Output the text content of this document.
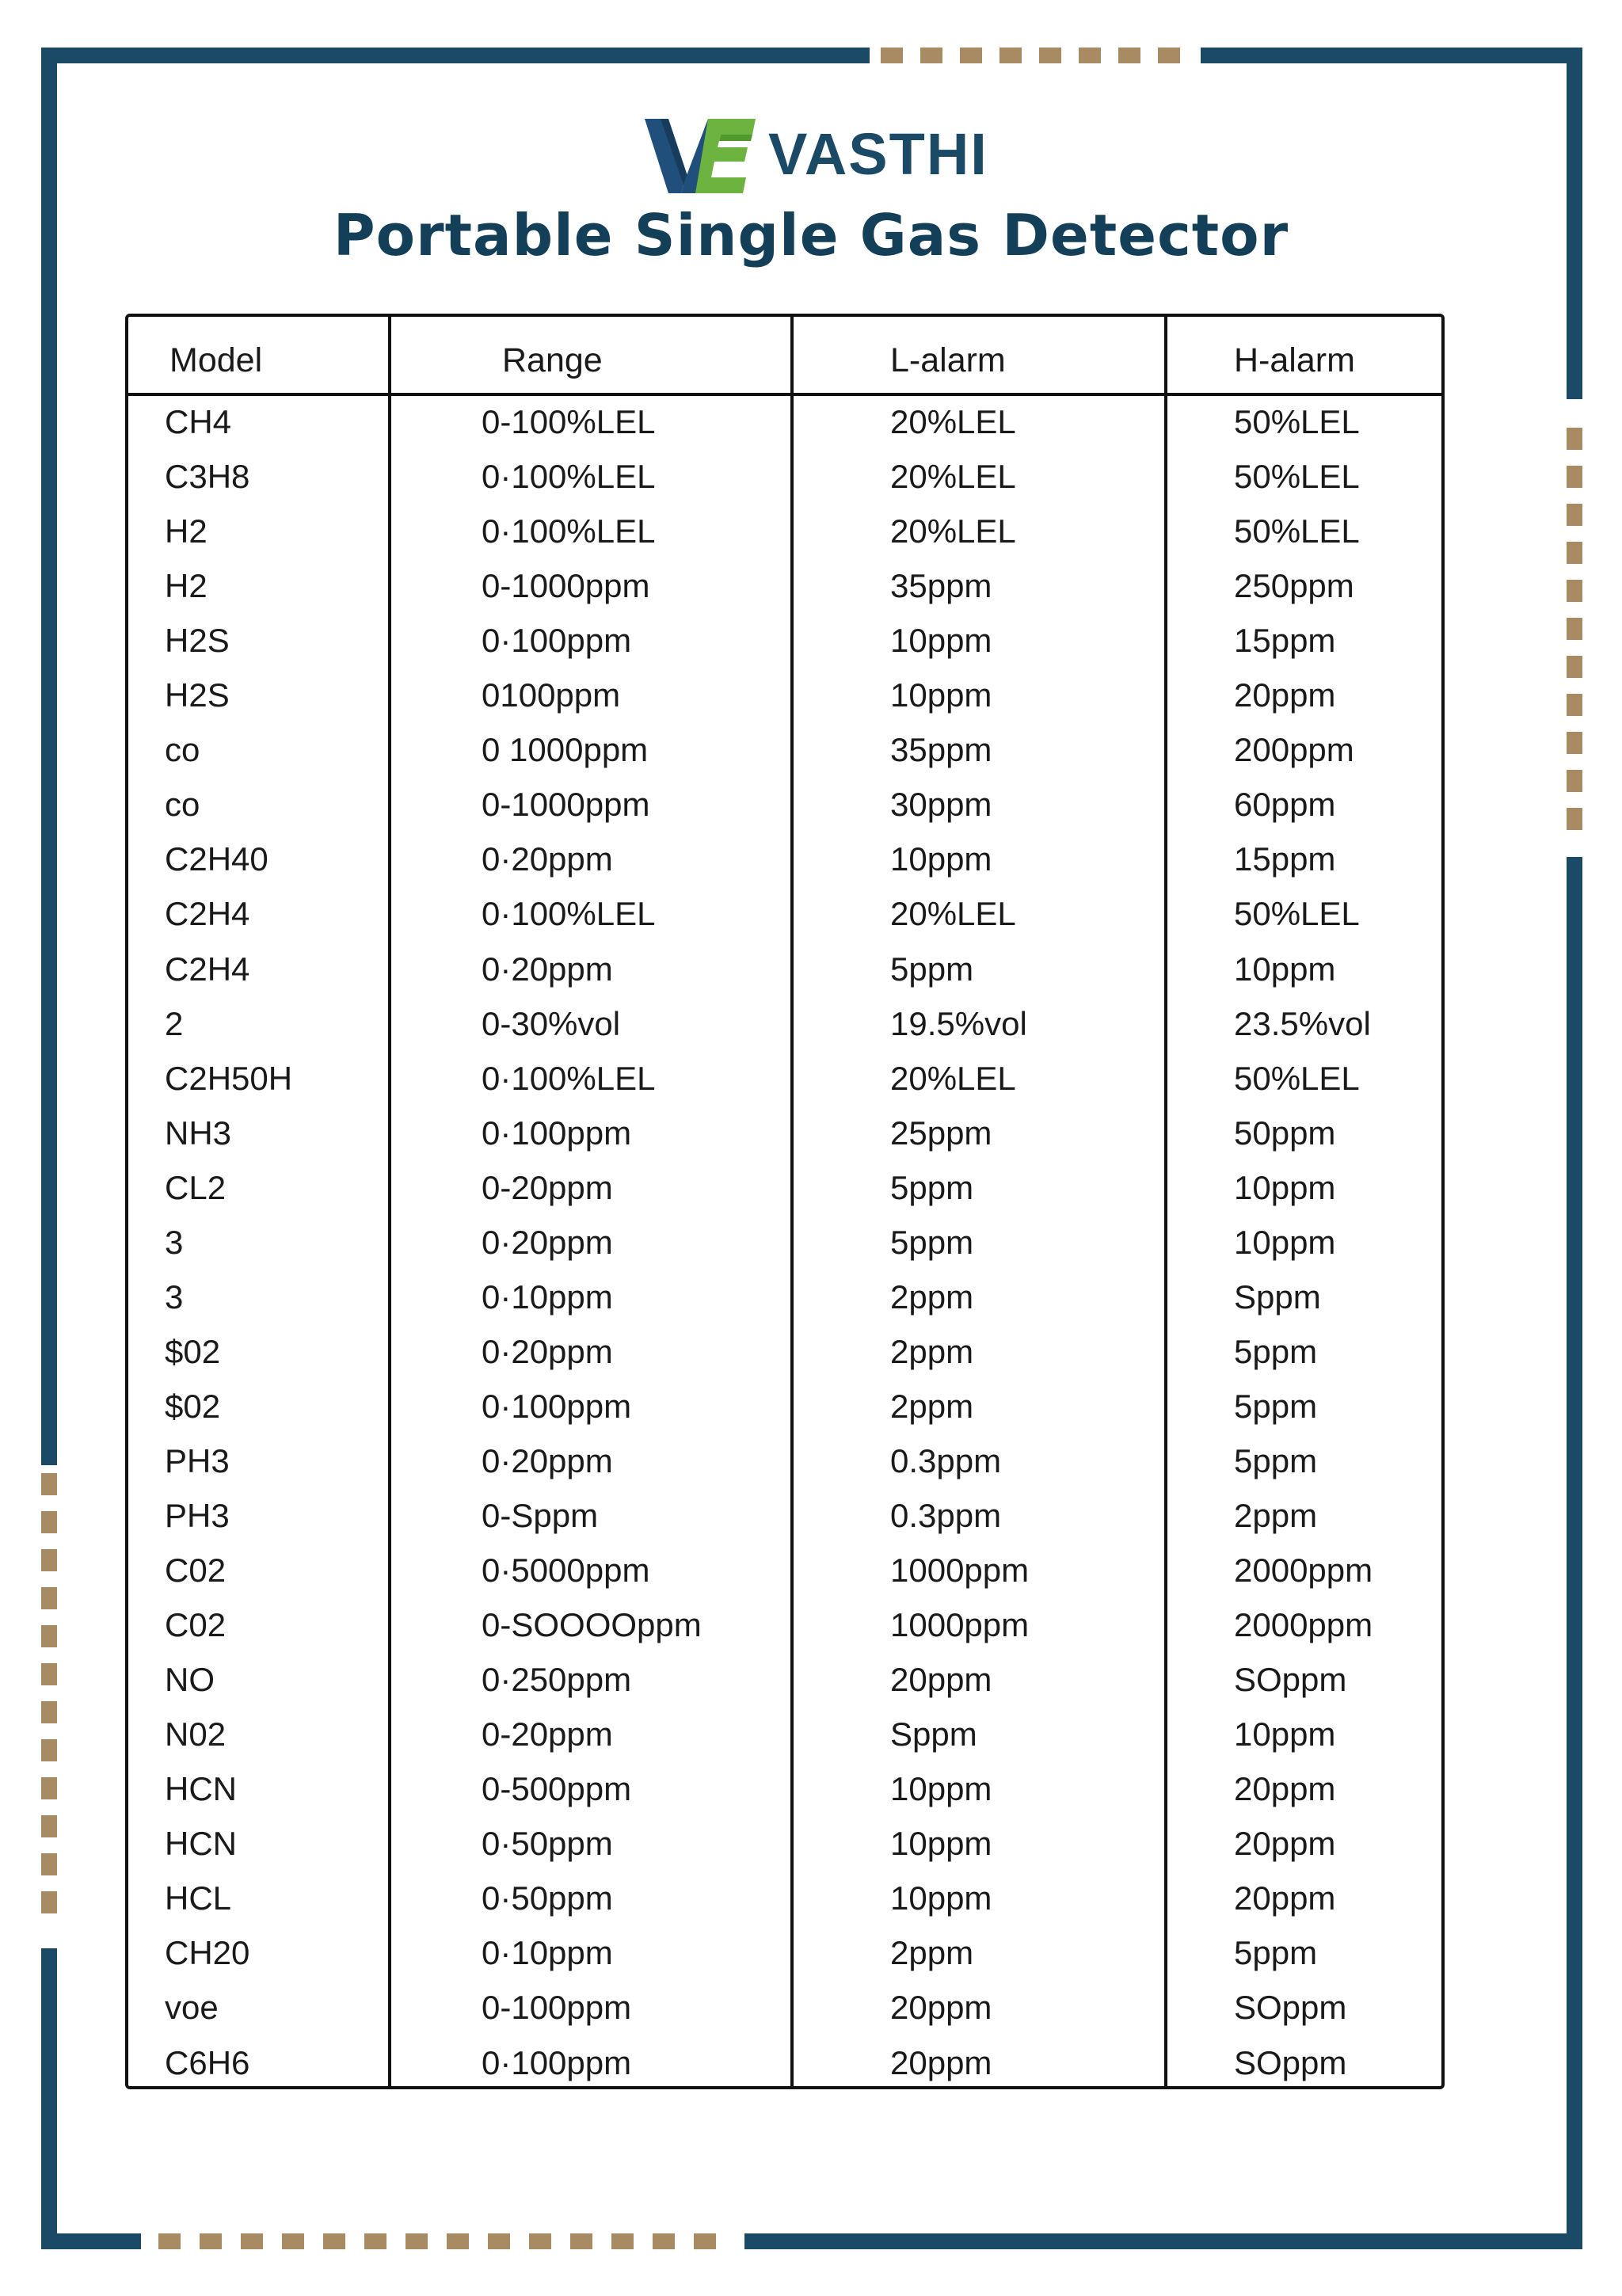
VASTHI
Portable Single Gas Detector
Model	Range	L-alarm	H-alarm
CH4	0-100%LEL	20%LEL	50%LEL
C3H8	0·100%LEL	20%LEL	50%LEL
H2	0·100%LEL	20%LEL	50%LEL
H2	0-1000ppm	35ppm	250ppm
H2S	0·100ppm	10ppm	15ppm
H2S	0100ppm	10ppm	20ppm
co	0 1000ppm	35ppm	200ppm
co	0-1000ppm	30ppm	60ppm
C2H40	0·20ppm	10ppm	15ppm
C2H4	0·100%LEL	20%LEL	50%LEL
C2H4	0·20ppm	5ppm	10ppm
2	0-30%vol	19.5%vol	23.5%vol
C2H50H	0·100%LEL	20%LEL	50%LEL
NH3	0·100ppm	25ppm	50ppm
CL2	0-20ppm	5ppm	10ppm
3	0·20ppm	5ppm	10ppm
3	0·10ppm	2ppm	Sppm
$02	0·20ppm	2ppm	5ppm
$02	0·100ppm	2ppm	5ppm
PH3	0·20ppm	0.3ppm	5ppm
PH3	0-Sppm	0.3ppm	2ppm
C02	0·5000ppm	1000ppm	2000ppm
C02	0-SOOOOppm	1000ppm	2000ppm
NO	0·250ppm	20ppm	SOppm
N02	0-20ppm	Sppm	10ppm
HCN	0-500ppm	10ppm	20ppm
HCN	0·50ppm	10ppm	20ppm
HCL	0·50ppm	10ppm	20ppm
CH20	0·10ppm	2ppm	5ppm
voe	0-100ppm	20ppm	SOppm
C6H6	0·100ppm	20ppm	SOppm
